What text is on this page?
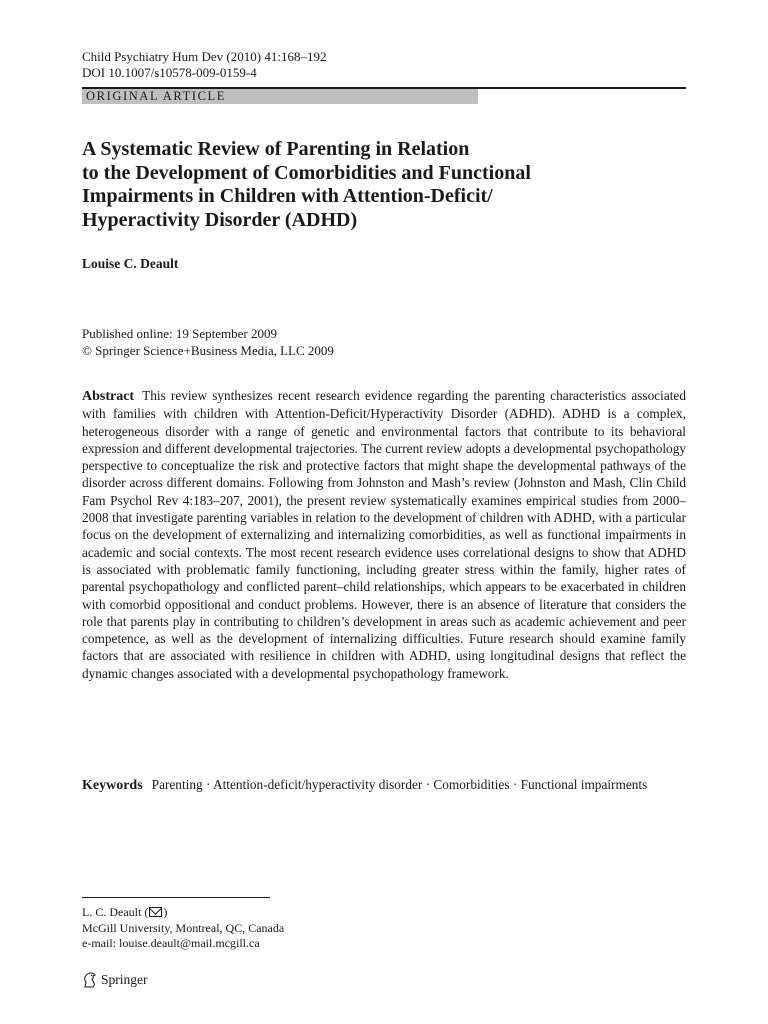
Child Psychiatry Hum Dev (2010) 41:168–192
DOI 10.1007/s10578-009-0159-4
ORIGINAL ARTICLE
A Systematic Review of Parenting in Relation
to the Development of Comorbidities and Functional
Impairments in Children with Attention-Deficit/
Hyperactivity Disorder (ADHD)
Louise C. Deault
Published online: 19 September 2009
© Springer Science+Business Media, LLC 2009

Abstract This review synthesizes recent research evidence regarding the parenting characteristics associated with families with children with Attention-Deficit/Hyperactivity Disorder (ADHD). ADHD is a complex, heterogeneous disorder with a range of genetic and environmental factors that contribute to its behavioral expression and different developmental trajectories. The current review adopts a developmental psychopathology perspective to conceptualize the risk and protective factors that might shape the developmental pathways of the disorder across different domains. Following from Johnston and Mash’s review (Johnston and Mash, Clin Child Fam Psychol Rev 4:183–207, 2001), the present review systematically examines empirical studies from 2000–2008 that investigate parenting variables in relation to the development of children with ADHD, with a particular focus on the development of externalizing and internalizing comorbidities, as well as functional impairments in academic and social contexts. The most recent research evidence uses correlational designs to show that ADHD is associated with problematic family functioning, including greater stress within the family, higher rates of parental psychopathology and conflicted parent–child relationships, which appears to be exacerbated in children with comorbid oppositional and conduct problems. However, there is an absence of literature that considers the role that parents play in contributing to children’s development in areas such as academic achievement and peer competence, as well as the development of internalizing difficulties. Future research should examine family factors that are associated with resilience in children with ADHD, using longitudinal designs that reflect the dynamic changes associated with a developmental psychopathology framework.

Keywords Parenting · Attention-deficit/hyperactivity disorder · Comorbidities · Functional impairments
L. C. Deault ( )
McGill University, Montreal, QC, Canada
e-mail: louise.deault@mail.mcgill.ca
Springer
